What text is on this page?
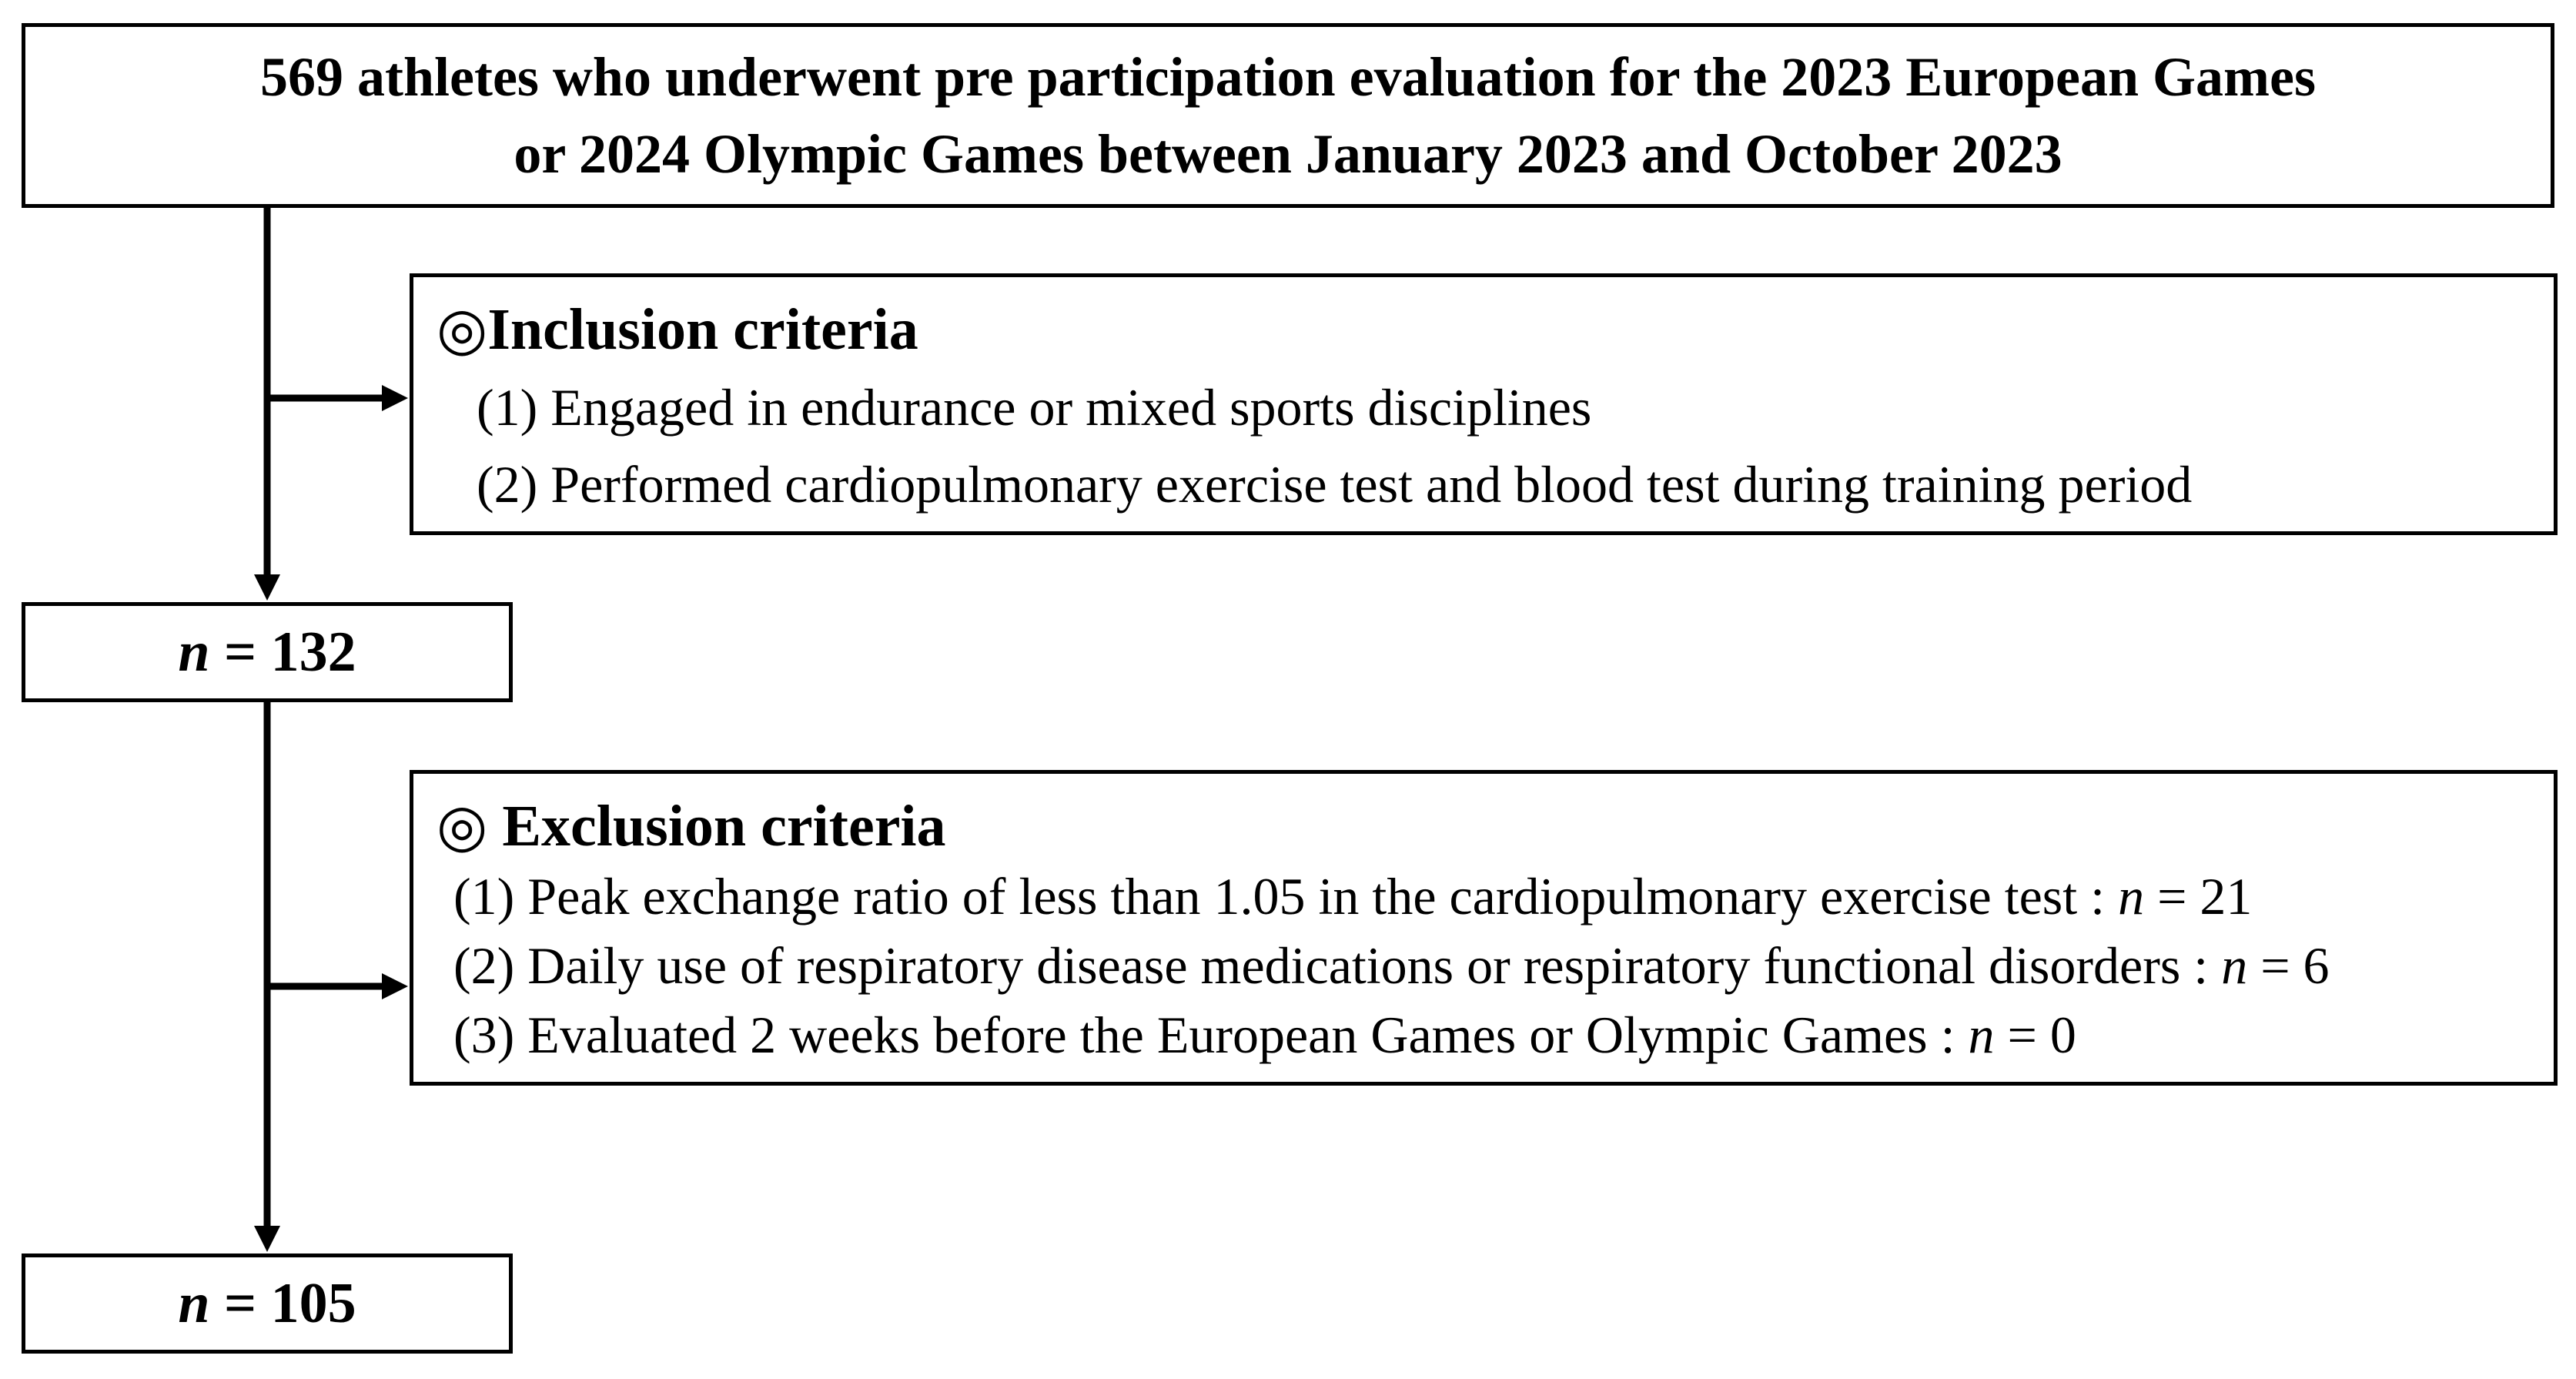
569 athletes who underwent pre participation evaluation for the 2023 European Games
or 2024 Olympic Games between January 2023 and October 2023
◎Inclusion criteria
(1) Engaged in endurance or mixed sports disciplines
(2) Performed cardiopulmonary exercise test and blood test during training period
n = 132
◎ Exclusion criteria
(1) Peak exchange ratio of less than 1.05 in the cardiopulmonary exercise test : n = 21
(2) Daily use of respiratory disease medications or respiratory functional disorders : n = 6
(3) Evaluated 2 weeks before the European Games or Olympic Games : n = 0
n = 105
